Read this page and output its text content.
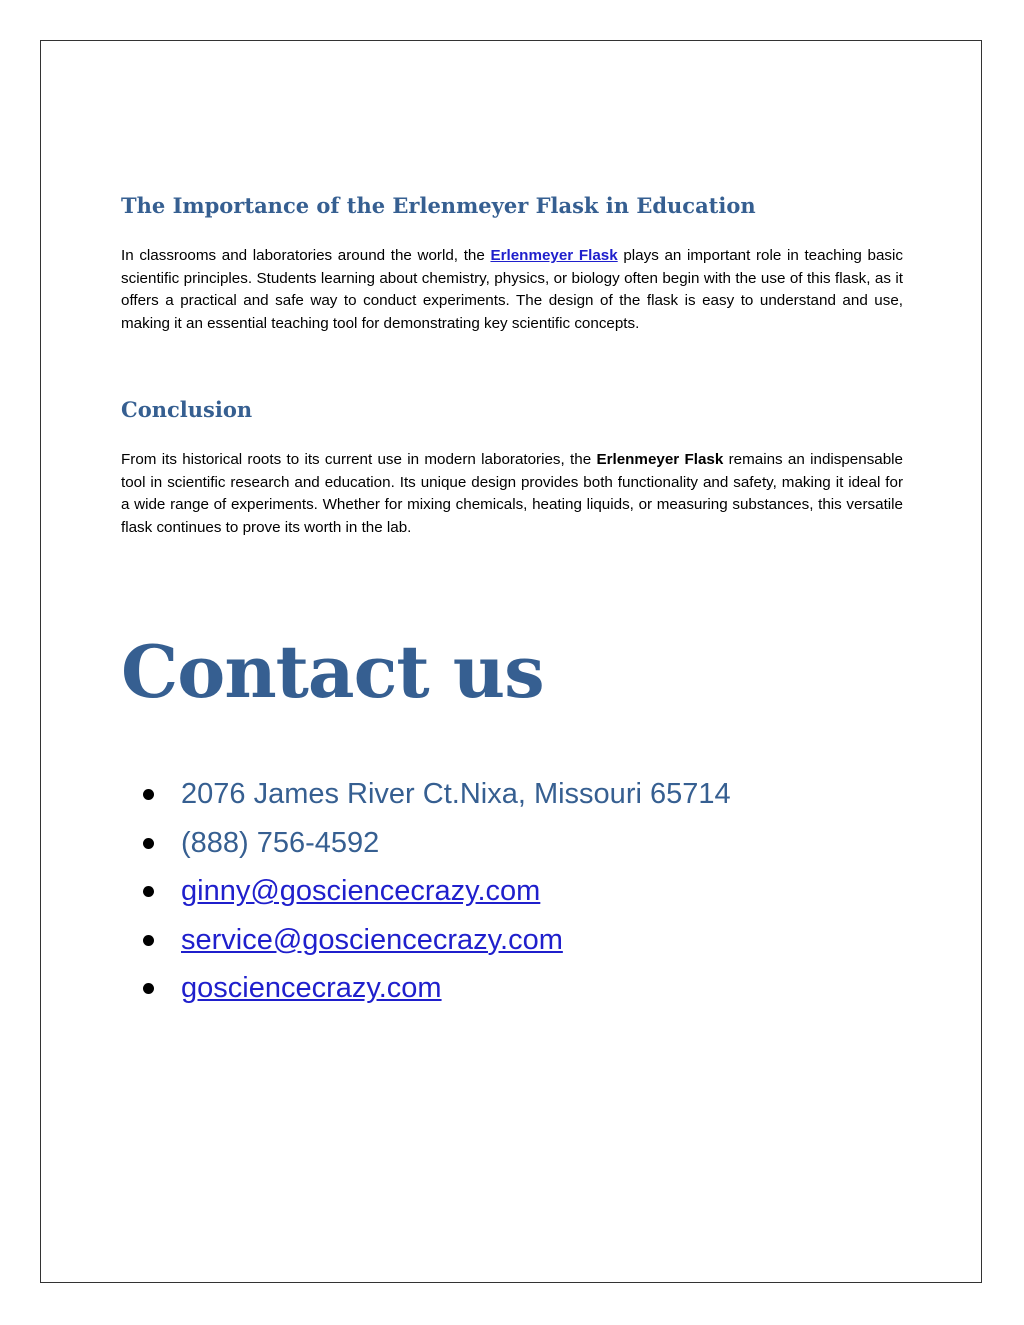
The Importance of the Erlenmeyer Flask in Education

In classrooms and laboratories around the world, the Erlenmeyer Flask plays an important role in teaching basic scientific principles. Students learning about chemistry, physics, or biology often begin with the use of this flask, as it offers a practical and safe way to conduct experiments. The design of the flask is easy to understand and use, making it an essential teaching tool for demonstrating key scientific concepts.

Conclusion

From its historical roots to its current use in modern laboratories, the Erlenmeyer Flask remains an indispensable tool in scientific research and education. Its unique design provides both functionality and safety, making it ideal for a wide range of experiments. Whether for mixing chemicals, heating liquids, or measuring substances, this versatile flask continues to prove its worth in the lab.

Contact us
2076 James River Ct.Nixa, Missouri 65714
(888) 756-4592
ginny@gosciencecrazy.com
service@gosciencecrazy.com
gosciencecrazy.com
